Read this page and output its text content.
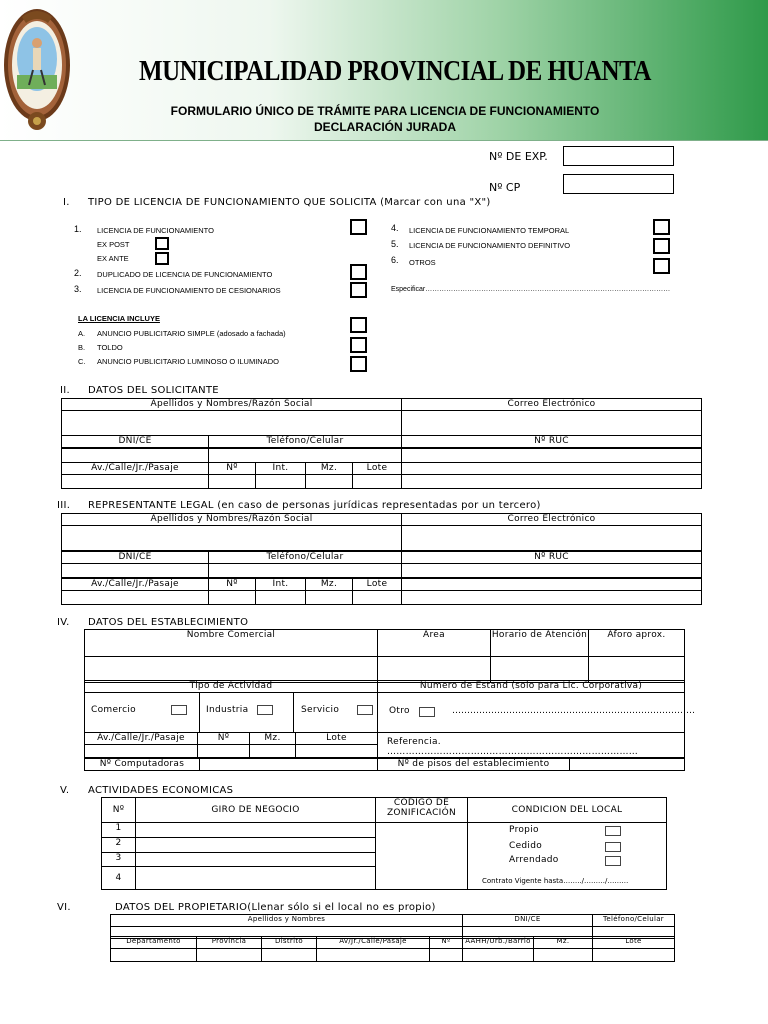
MUNICIPALIDAD PROVINCIAL DE HUANTA
FORMULARIO ÚNICO DE TRÁMITE PARA LICENCIA DE FUNCIONAMIENTO
DECLARACIÓN JURADA
Nº DE EXP.
Nº CP
I. TIPO DE LICENCIA DE FUNCIONAMIENTO QUE SOLICITA (Marcar con una "X")
1. LICENCIA DE FUNCIONAMIENTO
EX POST
EX ANTE
2. DUPLICADO DE LICENCIA DE FUNCIONAMIENTO
3. LICENCIA DE FUNCIONAMIENTO DE CESIONARIOS
4. LICENCIA DE FUNCIONAMIENTO TEMPORAL
5. LICENCIA DE FUNCIONAMIENTO DEFINITIVO
6. OTROS
Especificar……………………………………………………………………………………………
LA LICENCIA INCLUYE
A. ANUNCIO PUBLICITARIO SIMPLE (adosado a fachada)
B. TOLDO
C. ANUNCIO PUBLICITARIO LUMINOSO O ILUMINADO
II. DATOS DEL SOLICITANTE
Apellidos y Nombres/Razón Social	Correo Electrónico

DNI/CE	Teléfono/Celular	Nº RUC

Av./Calle/Jr./Pasaje	Nº	Int.	Mz.	Lote	

III. REPRESENTANTE LEGAL (en caso de personas jurídicas representadas por un tercero)
Apellidos y Nombres/Razón Social	Correo Electrónico

DNI/CE	Teléfono/Celular	Nº RUC

Av./Calle/Jr./Pasaje	Nº	Int.	Mz.	Lote	

IV. DATOS DEL ESTABLECIMIENTO
Nombre Comercial	Area	Horario de Atención	Aforo aprox.

Tipo de Actividad	Numero de Estand (solo para Lic. Corporativa)

Comercio Industria Servicio	Otro ………………………………………………………………………
Av./Calle/Jr./Pasaje	Nº	Mz.	Lote	Referencia. ………………………………………………………………………

Nº Computadoras		Nº de pisos del establecimiento	
V. ACTIVIDADES ECONOMICAS
Nº	GIRO DE NEGOCIO	CODIGO DE ZONIFICACIÓN	CONDICION DEL LOCAL
1			Propio
Cedido
Arrendado
Contrato Vigente hasta……../………/………

2			
3			
4			
VI.	DATOS DEL PROPIETARIO(Llenar sólo si el local no es propio)
Apellidos y Nombres	DNI/CE	Teléfono/Celular

Departamento	Provincia	Distrito	Av/Jr./Calle/Pasaje	Nº	AAHH/Urb./Barrio	Mz.	Lote
